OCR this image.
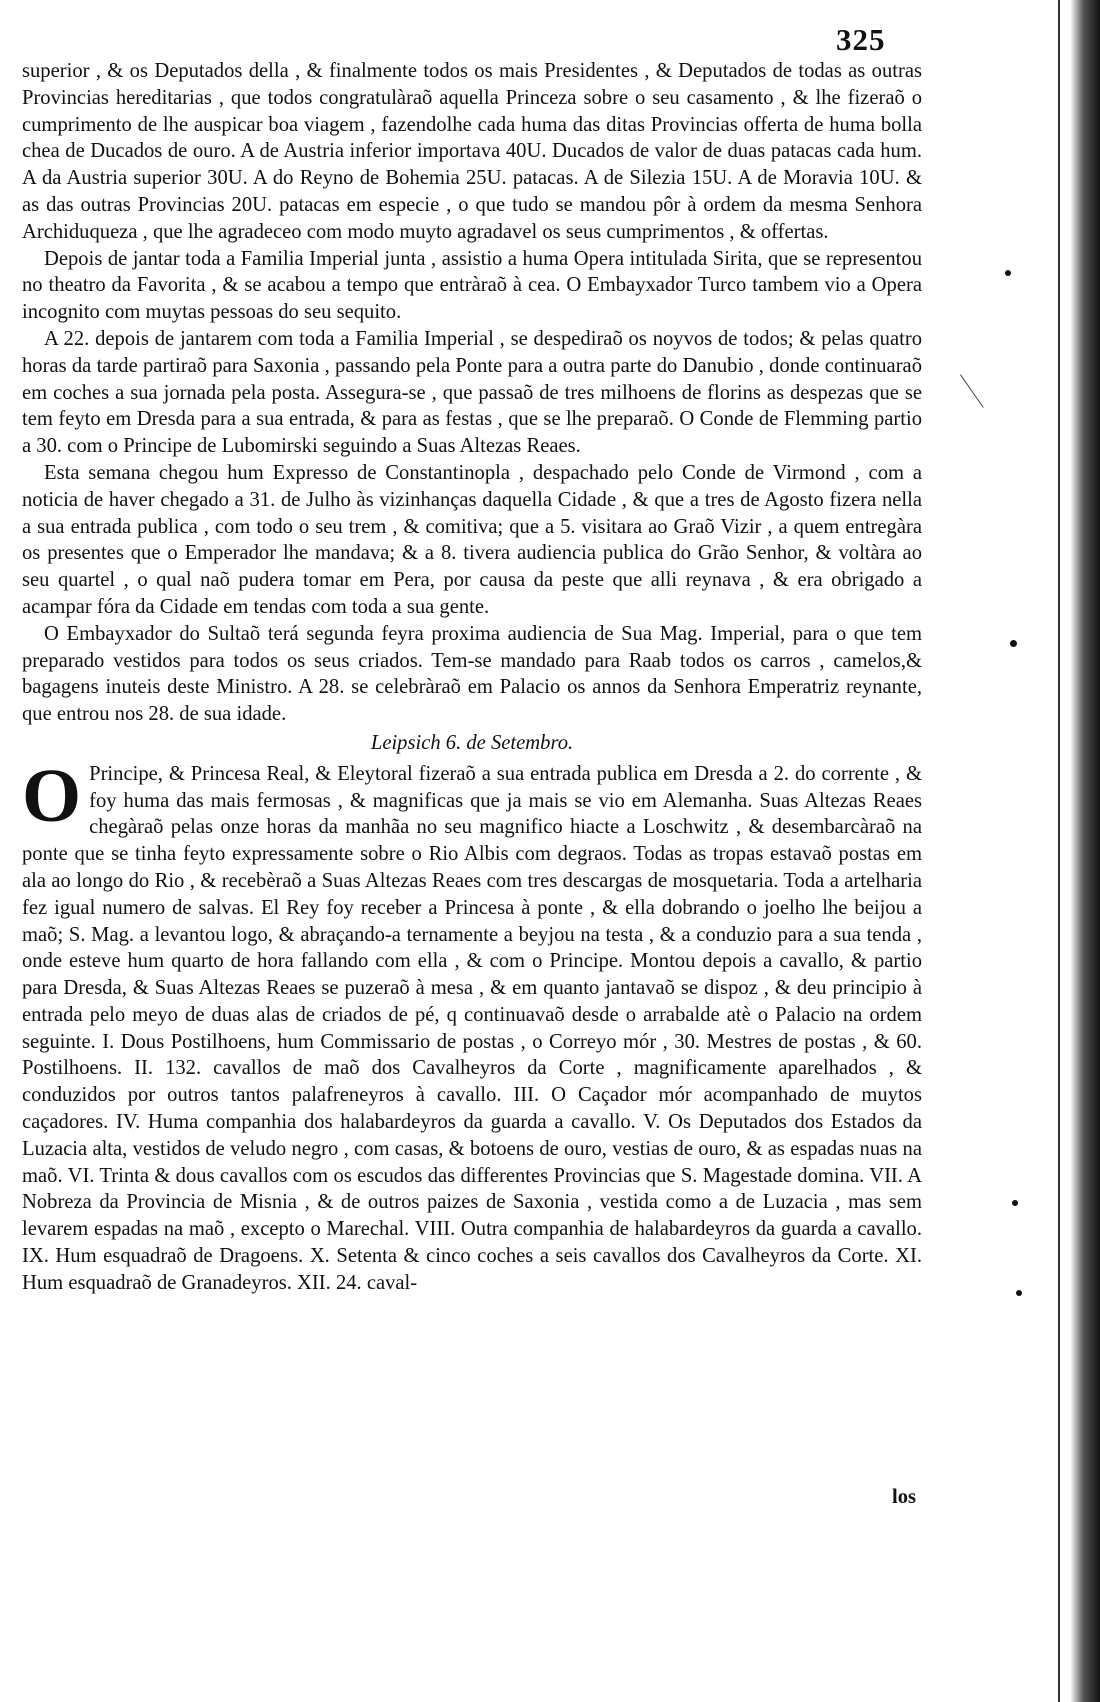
325

superior , & os Deputados della , & finalmente todos os mais Presidentes , & Deputados de todas as outras Provincias hereditarias , que todos congratulàraõ aquella Princeza sobre o seu casamento , & lhe fizeraõ o cumprimento de lhe auspicar boa viagem , fazendolhe cada huma das ditas Provincias offerta de huma bolla chea de Ducados de ouro. A de Austria inferior importava 40U. Ducados de valor de duas patacas cada hum. A da Austria superior 30U. A do Reyno de Bohemia 25U. patacas. A de Silezia 15U. A de Moravia 10U. & as das outras Provincias 20U. patacas em especie , o que tudo se mandou pôr à ordem da mesma Senhora Archiduqueza , que lhe agradeceo com modo muyto agradavel os seus cumprimentos , & offertas.

Depois de jantar toda a Familia Imperial junta , assistio a huma Opera intitulada Sirita, que se representou no theatro da Favorita , & se acabou a tempo que entràraõ à cea. O Embayxador Turco tambem vio a Opera incognito com muytas pessoas do seu sequito.

A 22. depois de jantarem com toda a Familia Imperial , se despediraõ os noyvos de todos; & pelas quatro horas da tarde partiraõ para Saxonia , passando pela Ponte para a outra parte do Danubio , donde continuaraõ em coches a sua jornada pela posta. Assegura-se , que passaõ de tres milhoens de florins as despezas que se tem feyto em Dresda para a sua entrada, & para as festas , que se lhe preparaõ. O Conde de Flemming partio a 30. com o Principe de Lubomirski seguindo a Suas Altezas Reaes.

Esta semana chegou hum Expresso de Constantinopla , despachado pelo Conde de Virmond , com a noticia de haver chegado a 31. de Julho às vizinhanças daquella Cidade , & que a tres de Agosto fizera nella a sua entrada publica , com todo o seu trem , & comitiva; que a 5. visitara ao Graõ Vizir , a quem entregàra os presentes que o Emperador lhe mandava; & a 8. tivera audiencia publica do Grão Senhor, & voltàra ao seu quartel , o qual naõ pudera tomar em Pera, por causa da peste que alli reynava , & era obrigado a acampar fóra da Cidade em tendas com toda a sua gente.

O Embayxador do Sultaõ terá segunda feyra proxima audiencia de Sua Mag. Imperial, para o que tem preparado vestidos para todos os seus criados. Tem-se mandado para Raab todos os carros , camelos,& bagagens inuteis deste Ministro. A 28. se celebràraõ em Palacio os annos da Senhora Emperatriz reynante, que entrou nos 28. de sua idade.

Leipsich 6. de Setembro.

O Principe, & Princesa Real, & Eleytoral fizeraõ a sua entrada publica em Dresda a 2. do corrente , & foy huma das mais fermosas , & magnificas que ja mais se vio em Alemanha. Suas Altezas Reaes chegàraõ pelas onze horas da manhãa no seu magnifico hiacte a Loschwitz , & desembarcàraõ na ponte que se tinha feyto expressamente sobre o Rio Albis com degraos. Todas as tropas estavaõ postas em ala ao longo do Rio , & recebèraõ a Suas Altezas Reaes com tres descargas de mosquetaria. Toda a artelharia fez igual numero de salvas. El Rey foy receber a Princesa à ponte , & ella dobrando o joelho lhe beijou a maõ; S. Mag. a levantou logo, & abraçando-a ternamente a beyjou na testa , & a conduzio para a sua tenda , onde esteve hum quarto de hora fallando com ella , & com o Principe. Montou depois a cavallo, & partio para Dresda, & Suas Altezas Reaes se puzeraõ à mesa , & em quanto jantavaõ se dispoz , & deu principio à entrada pelo meyo de duas alas de criados de pé, q continuavaõ desde o arrabalde atè o Palacio na ordem seguinte. I. Dous Postilhoens, hum Commissario de postas , o Correyo mór , 30. Mestres de postas , & 60. Postilhoens. II. 132. cavallos de maõ dos Cavalheyros da Corte , magnificamente aparelhados , & conduzidos por outros tantos palafreneyros à cavallo. III. O Caçador mór acompanhado de muytos caçadores. IV. Huma companhia dos halabardeyros da guarda a cavallo. V. Os Deputados dos Estados da Luzacia alta, vestidos de veludo negro , com casas, & botoens de ouro, vestias de ouro, & as espadas nuas na maõ. VI. Trinta & dous cavallos com os escudos das differentes Provincias que S. Magestade domina. VII. A Nobreza da Provincia de Misnia , & de outros paizes de Saxonia , vestida como a de Luzacia , mas sem levarem espadas na maõ , excepto o Marechal. VIII. Outra companhia de halabardeyros da guarda a cavallo. IX. Hum esquadraõ de Dragoens. X. Setenta & cinco coches a seis cavallos dos Cavalheyros da Corte. XI. Hum esquadraõ de Granadeyros. XII. 24. caval-

los
